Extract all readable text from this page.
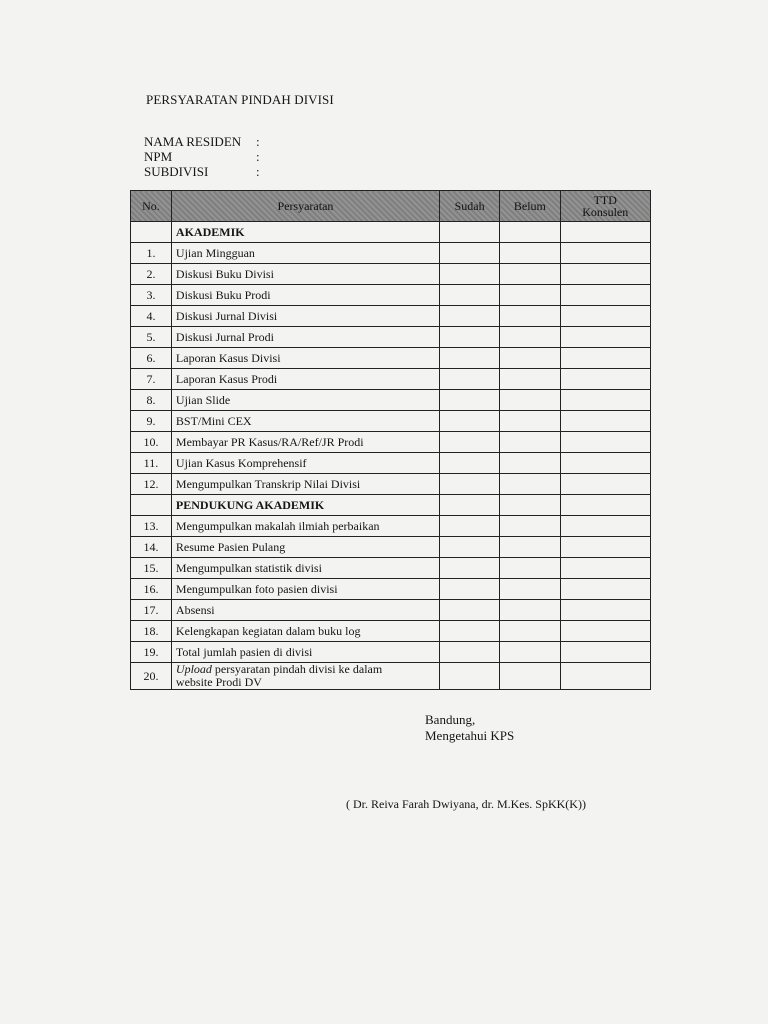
PERSYARATAN PINDAH DIVISI
NAMA RESIDEN	:
NPM	:
SUBDIVISI	:
No.	Persyaratan	Sudah	Belum	TTD
Konsulen

	AKADEMIK			
1.	Ujian Mingguan			
2.	Diskusi Buku Divisi			
3.	Diskusi Buku Prodi			
4.	Diskusi Jurnal Divisi			
5.	Diskusi Jurnal Prodi			
6.	Laporan Kasus Divisi			
7.	Laporan Kasus Prodi			
8.	Ujian Slide			
9.	BST/Mini CEX			
10.	Membayar PR Kasus/RA/Ref/JR Prodi			
11.	Ujian Kasus Komprehensif			
12.	Mengumpulkan Transkrip Nilai Divisi			
	PENDUKUNG AKADEMIK			
13.	Mengumpulkan makalah ilmiah perbaikan			
14.	Resume Pasien Pulang			
15.	Mengumpulkan statistik divisi			
16.	Mengumpulkan foto pasien divisi			
17.	Absensi			
18.	Kelengkapan kegiatan dalam buku log			
19.	Total jumlah pasien di divisi			
20.	Upload persyaratan pindah divisi ke dalam
website Prodi DV			
Bandung,
Mengetahui KPS
( Dr. Reiva Farah Dwiyana, dr. M.Kes. SpKK(K))
